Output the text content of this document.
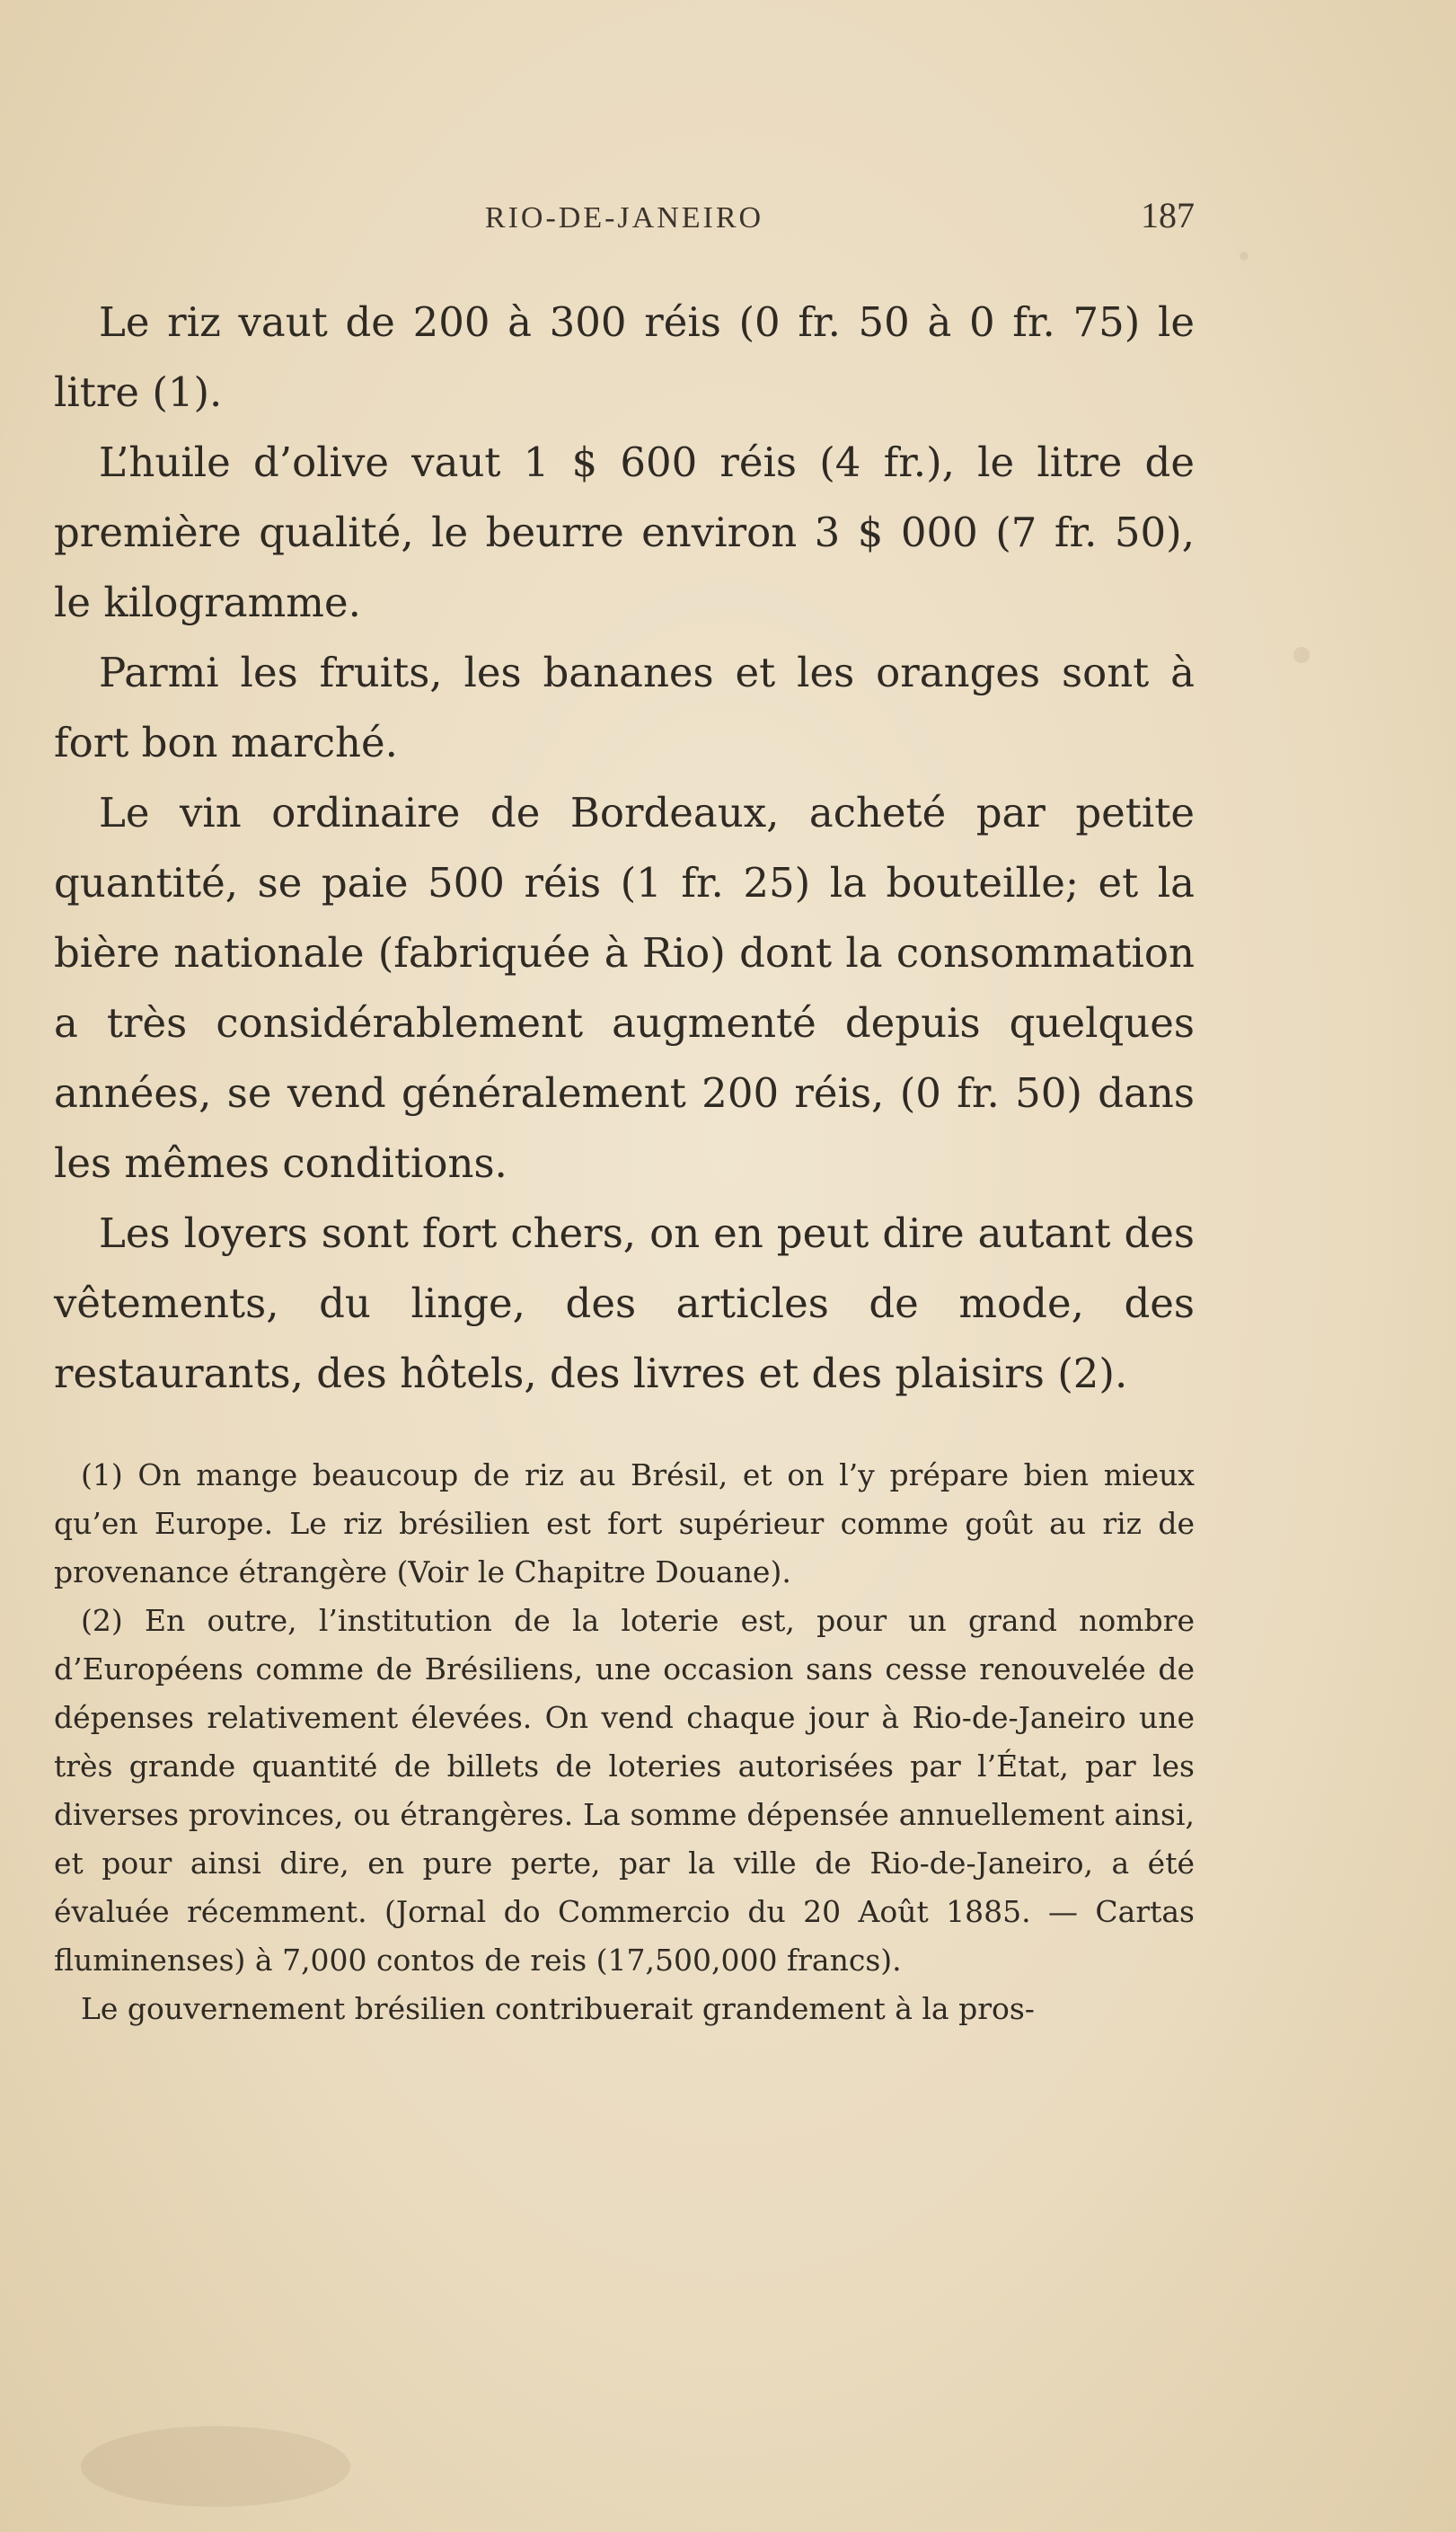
RIO-DE-JANEIRO	187

Le riz vaut de 200 à 300 réis (0 fr. 50 à 0 fr. 75) le litre (1).

L’huile d’olive vaut 1 $ 600 réis (4 fr.), le litre de première qualité, le beurre environ 3 $ 000 (7 fr. 50), le kilogramme.

Parmi les fruits, les bananes et les oranges sont à fort bon marché.

Le vin ordinaire de Bordeaux, acheté par petite quantité, se paie 500 réis (1 fr. 25) la bouteille; et la bière nationale (fabriquée à Rio) dont la consommation a très considérablement augmenté depuis quelques années, se vend généralement 200 réis, (0 fr. 50) dans les mêmes conditions.

Les loyers sont fort chers, on en peut dire autant des vêtements, du linge, des articles de mode, des restaurants, des hôtels, des livres et des plaisirs (2).

(1) On mange beaucoup de riz au Brésil, et on l’y prépare bien mieux qu’en Europe. Le riz brésilien est fort supérieur comme goût au riz de provenance étrangère (Voir le Chapitre Douane).

(2) En outre, l’institution de la loterie est, pour un grand nombre d’Européens comme de Brésiliens, une occasion sans cesse renouvelée de dépenses relativement élevées. On vend chaque jour à Rio-de-Janeiro une très grande quantité de billets de loteries autorisées par l’État, par les diverses provinces, ou étrangères. La somme dépensée annuellement ainsi, et pour ainsi dire, en pure perte, par la ville de Rio-de-Janeiro, a été évaluée récemment. (Jornal do Commercio du 20 Août 1885. — Cartas fluminenses) à 7,000 contos de reis (17,500,000 francs).

Le gouvernement brésilien contribuerait grandement à la pros-
